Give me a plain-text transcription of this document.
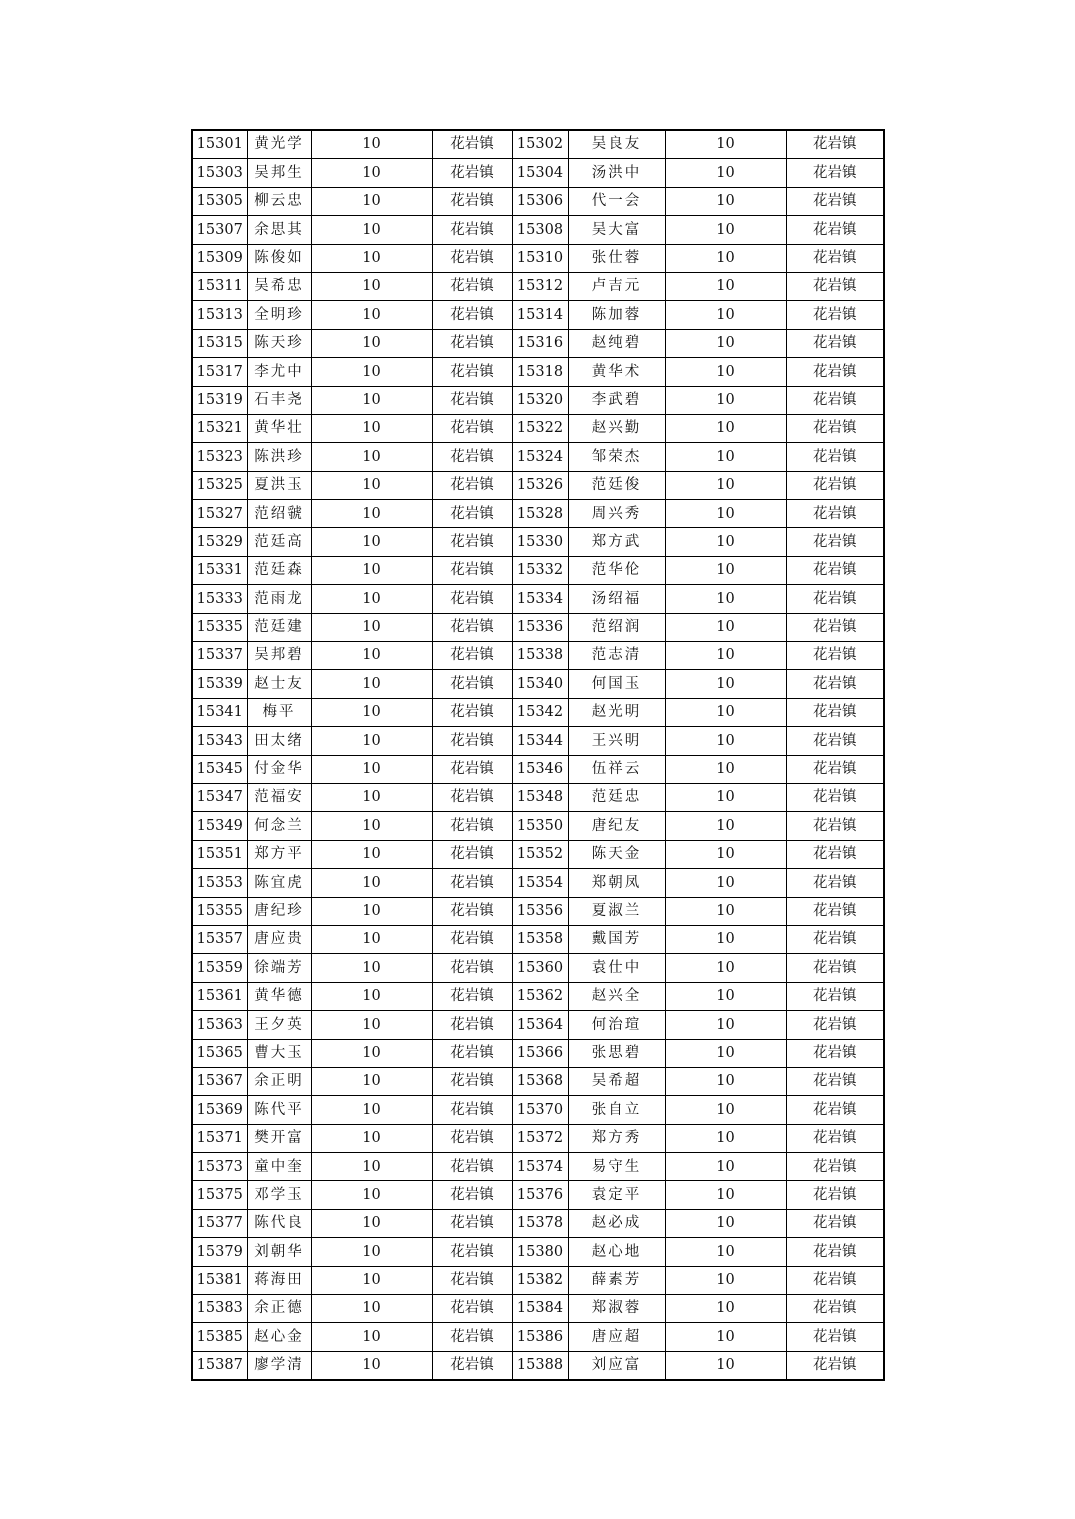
15301	黄光学	10	花岩镇	15302	吴良友	10	花岩镇
15303	吴邦生	10	花岩镇	15304	汤洪中	10	花岩镇
15305	柳云忠	10	花岩镇	15306	代一会	10	花岩镇
15307	余思其	10	花岩镇	15308	吴大富	10	花岩镇
15309	陈俊如	10	花岩镇	15310	张仕蓉	10	花岩镇
15311	吴希忠	10	花岩镇	15312	卢吉元	10	花岩镇
15313	全明珍	10	花岩镇	15314	陈加蓉	10	花岩镇
15315	陈天珍	10	花岩镇	15316	赵纯碧	10	花岩镇
15317	李尤中	10	花岩镇	15318	黄华术	10	花岩镇
15319	石丰尧	10	花岩镇	15320	李武碧	10	花岩镇
15321	黄华壮	10	花岩镇	15322	赵兴勤	10	花岩镇
15323	陈洪珍	10	花岩镇	15324	邹荣杰	10	花岩镇
15325	夏洪玉	10	花岩镇	15326	范廷俊	10	花岩镇
15327	范绍虢	10	花岩镇	15328	周兴秀	10	花岩镇
15329	范廷高	10	花岩镇	15330	郑方武	10	花岩镇
15331	范廷森	10	花岩镇	15332	范华伦	10	花岩镇
15333	范雨龙	10	花岩镇	15334	汤绍福	10	花岩镇
15335	范廷建	10	花岩镇	15336	范绍润	10	花岩镇
15337	吴邦碧	10	花岩镇	15338	范志清	10	花岩镇
15339	赵士友	10	花岩镇	15340	何国玉	10	花岩镇
15341	梅平	10	花岩镇	15342	赵光明	10	花岩镇
15343	田太绪	10	花岩镇	15344	王兴明	10	花岩镇
15345	付金华	10	花岩镇	15346	伍祥云	10	花岩镇
15347	范福安	10	花岩镇	15348	范廷忠	10	花岩镇
15349	何念兰	10	花岩镇	15350	唐纪友	10	花岩镇
15351	郑方平	10	花岩镇	15352	陈天金	10	花岩镇
15353	陈宜虎	10	花岩镇	15354	郑朝凤	10	花岩镇
15355	唐纪珍	10	花岩镇	15356	夏淑兰	10	花岩镇
15357	唐应贵	10	花岩镇	15358	戴国芳	10	花岩镇
15359	徐端芳	10	花岩镇	15360	袁仕中	10	花岩镇
15361	黄华德	10	花岩镇	15362	赵兴全	10	花岩镇
15363	王夕英	10	花岩镇	15364	何治瑄	10	花岩镇
15365	曹大玉	10	花岩镇	15366	张思碧	10	花岩镇
15367	余正明	10	花岩镇	15368	吴希超	10	花岩镇
15369	陈代平	10	花岩镇	15370	张自立	10	花岩镇
15371	樊开富	10	花岩镇	15372	郑方秀	10	花岩镇
15373	童中奎	10	花岩镇	15374	易守生	10	花岩镇
15375	邓学玉	10	花岩镇	15376	袁定平	10	花岩镇
15377	陈代良	10	花岩镇	15378	赵必成	10	花岩镇
15379	刘朝华	10	花岩镇	15380	赵心地	10	花岩镇
15381	蒋海田	10	花岩镇	15382	薛素芳	10	花岩镇
15383	余正德	10	花岩镇	15384	郑淑蓉	10	花岩镇
15385	赵心金	10	花岩镇	15386	唐应超	10	花岩镇
15387	廖学清	10	花岩镇	15388	刘应富	10	花岩镇
